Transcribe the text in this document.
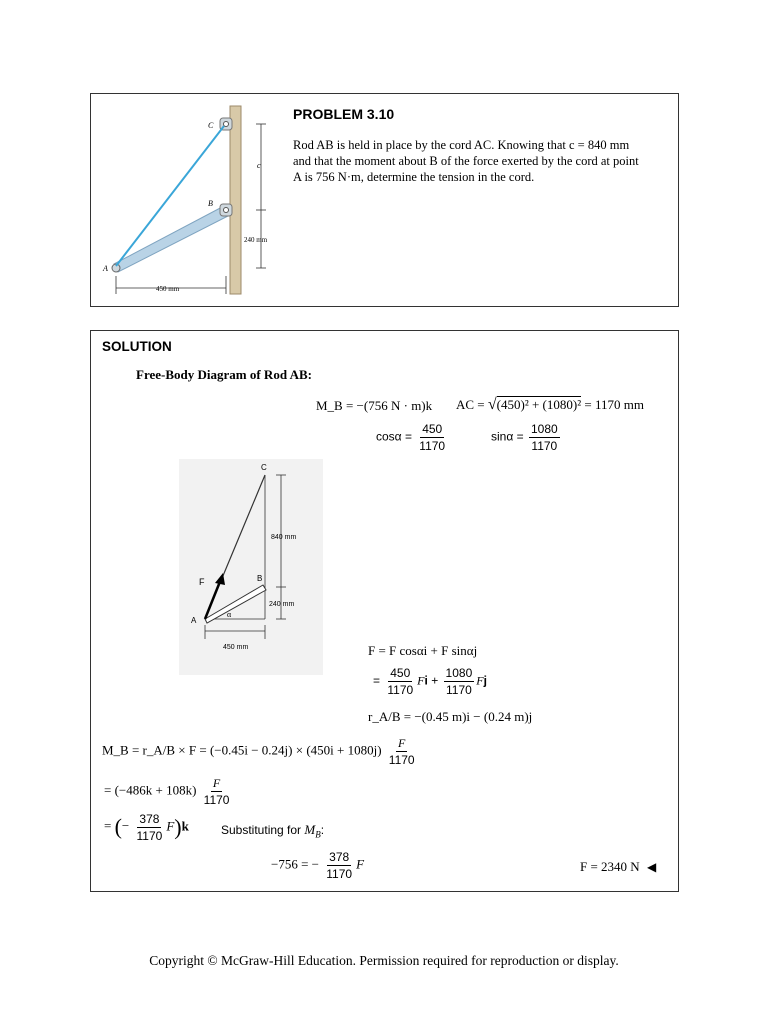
C
B
A
c
240 mm
450 mm
PROBLEM 3.10
Rod AB is held in place by the cord AC. Knowing that c = 840 mm
and that the moment about B of the force exerted by the cord at point
A is 756 N·m, determine the tension in the cord.
SOLUTION
Free-Body Diagram of Rod AB:
M_B = −(756 N · m)k AC = √(450)² + (1080)² = 1170 mm
$\cos\alpha = \frac{450}{1170}$	$\sin\alpha = \frac{1080}{1170}$
C
B
A
F
α
840 mm
240 mm
450 mm	F = F cosαi + F sinαj
= $\frac{450}{1170}$ $Fi + \frac{1080}{1170}$ Fj
r_A/B = −(0.45 m)i − (0.24 m)j
M_B = r_A/B × $F = (-0.45i - 0.24j) \times (450i + 1080j) \frac{F}{1170}$
= $(-486k + 108k) \frac{F}{1170}$
= (− $\frac{378}{1170} F)k$	Substituting for $M_B$:
−756 = − $\frac{378}{1170}$ F	F = 2340 N ◀
Copyright © McGraw-Hill Education. Permission required for reproduction or display.
